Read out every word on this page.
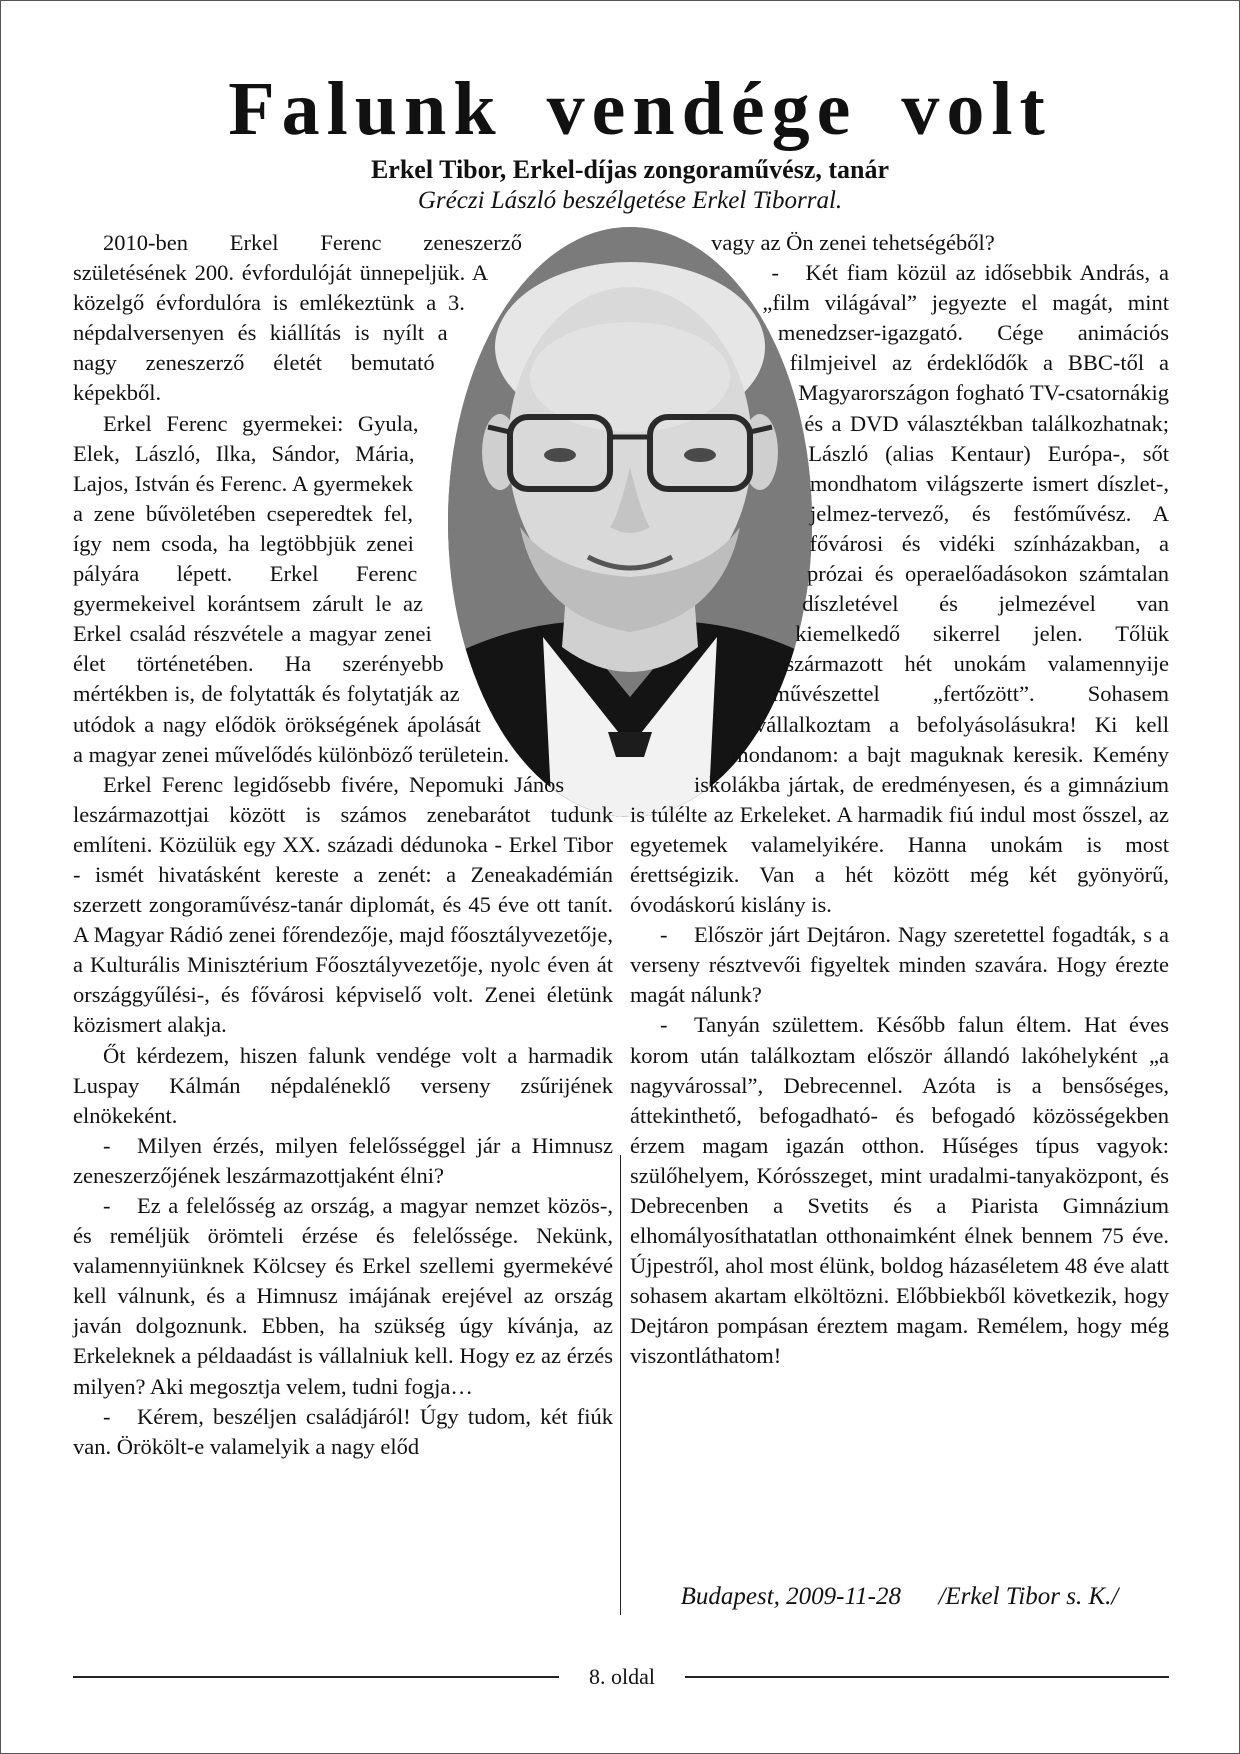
Falunk vendége volt
Erkel Tibor, Erkel-díjas zongoraművész, tanár
Gréczi László beszélgetése Erkel Tiborral.

2010-ben Erkel Ferenc zeneszerző születésének 200. évfordulóját ünnepeljük. A közelgő évfordulóra is emlékeztünk a 3. népdalversenyen és kiállítás is nyílt a nagy zeneszerző életét bemutató képekből.

Erkel Ferenc gyermekei: Gyula, Elek, László, Ilka, Sándor, Mária, Lajos, István és Ferenc. A gyermekek a zene bűvöletében cseperedtek fel, így nem csoda, ha legtöbbjük zenei pályára lépett. Erkel Ferenc gyermekeivel korántsem zárult le az Erkel család részvétele a magyar zenei élet történetében. Ha szerényebb mértékben is, de folytatták és folytatják az utódok a nagy elődök örökségének ápolását a magyar zenei művelődés különböző területein.

Erkel Ferenc legidősebb fivére, Nepomuki János leszármazottjai között is számos zenebarátot tudunk említeni. Közülük egy XX. századi dédunoka - Erkel Tibor - ismét hivatásként kereste a zenét: a Zeneakadémián szerzett zongoraművész-tanár diplomát, és 45 éve ott tanít. A Magyar Rádió zenei főrendezője, majd főosztályvezetője, a Kulturális Minisztérium Főosztályvezetője, nyolc éven át országgyűlési-, és fővárosi képviselő volt. Zenei életünk közismert alakja.

Őt kérdezem, hiszen falunk vendége volt a harmadik Luspay Kálmán népdaléneklő verseny zsűrijének elnökeként.

- Milyen érzés, milyen felelősséggel jár a Himnusz zeneszerzőjének leszármazottjaként élni?

- Ez a felelősség az ország, a magyar nemzet közös-, és reméljük örömteli érzése és felelőssége. Nekünk, valamennyiünknek Kölcsey és Erkel szellemi gyermekévé kell válnunk, és a Himnusz imájának erejével az ország javán dolgoznunk. Ebben, ha szükség úgy kívánja, az Erkeleknek a példaadást is vállalniuk kell. Hogy ez az érzés milyen? Aki megosztja velem, tudni fogja…

- Kérem, beszéljen családjáról! Úgy tudom, két fiúk van. Örökölt-e valamelyik a nagy előd

vagy az Ön zenei tehetségéből?

- Két fiam közül az idősebbik András, a „film világával” jegyezte el magát, mint menedzser-igazgató. Cége animációs filmjeivel az érdeklődők a BBC-től a Magyarországon fogható TV-csatornákig és a DVD választékban találkozhatnak; László (alias Kentaur) Európa-, sőt mondhatom világszerte ismert díszlet-, jelmez-tervező, és festőművész. A fővárosi és vidéki színházakban, a prózai és operaelőadásokon számtalan díszletével és jelmezével van kiemelkedő sikerrel jelen. Tőlük származott hét unokám valamennyije művészettel „fertőzött”. Sohasem vállalkoztam a befolyásolásukra! Ki kell mondanom: a bajt maguknak keresik. Kemény iskolákba jártak, de eredményesen, és a gimnázium is túlélte az Erkeleket. A harmadik fiú indul most ősszel, az egyetemek valamelyikére. Hanna unokám is most érettségizik. Van a hét között még két gyönyörű, óvodáskorú kislány is.

- Először járt Dejtáron. Nagy szeretettel fogadták, s a verseny résztvevői figyeltek minden szavára. Hogy érezte magát nálunk?

- Tanyán születtem. Később falun éltem. Hat éves korom után találkoztam először állandó lakóhelyként „a nagyvárossal”, Debrecennel. Azóta is a bensőséges, áttekinthető, befogadható- és befogadó közösségekben érzem magam igazán otthon. Hűséges típus vagyok: szülőhelyem, Kórósszeget, mint uradalmi-tanyaközpont, és Debrecenben a Svetits és a Piarista Gimnázium elhomályosíthatatlan otthonaimként élnek bennem 75 éve. Újpestről, ahol most élünk, boldog házaséletem 48 éve alatt sohasem akartam elköltözni. Előbbiekből következik, hogy Dejtáron pompásan éreztem magam. Remélem, hogy még viszontláthatom!

Budapest, 2009-11-28 /Erkel Tibor s. K./
8. oldal
